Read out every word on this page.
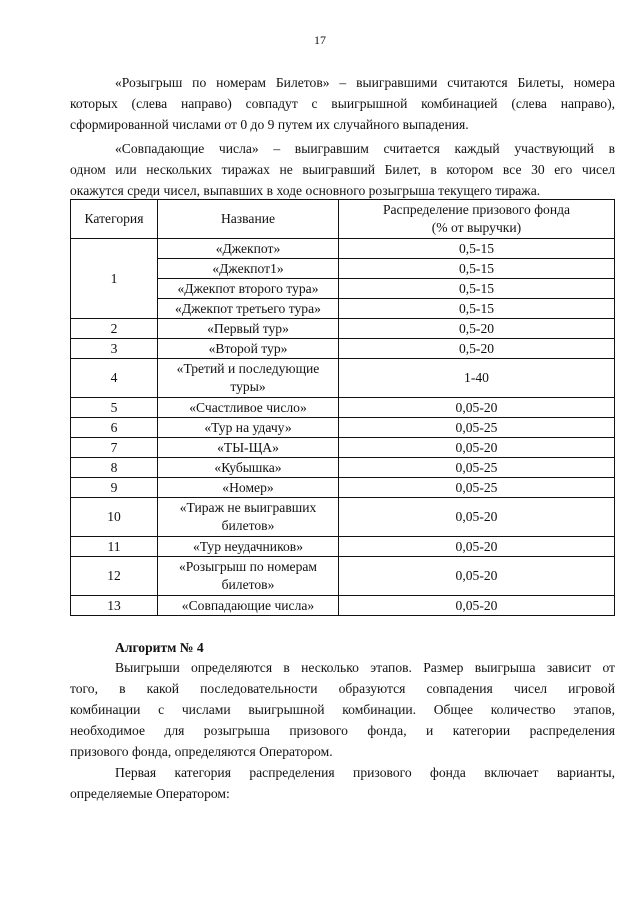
17
«Розыгрыш по номерам Билетов» – выигравшими считаются Билеты, номера
которых (слева направо) совпадут с выигрышной комбинацией (слева направо),
сформированной числами от 0 до 9 путем их случайного выпадения.
«Совпадающие числа» – выигравшим считается каждый участвующий в
одном или нескольких тиражах не выигравший Билет, в котором все 30 его чисел
окажутся среди чисел, выпавших в ходе основного розыгрыша текущего тиража.
Категория	Название	Распределение призового фонда
(% от выручки)
1	«Джекпот»	0,5-15
	«Джекпот1»	0,5-15
	«Джекпот второго тура»	0,5-15
	«Джекпот третьего тура»	0,5-15
2	«Первый тур»	0,5-20
3	«Второй тур»	0,5-20
4	«Третий и последующие
туры»	1-40
5	«Счастливое число»	0,05-20
6	«Тур на удачу»	0,05-25
7	«ТЫ-ЩА»	0,05-20
8	«Кубышка»	0,05-25
9	«Номер»	0,05-25
10	«Тираж не выигравших
билетов»	0,05-20
11	«Тур неудачников»	0,05-20
12	«Розыгрыш по номерам
билетов»	0,05-20
13	«Совпадающие числа»	0,05-20
Алгоритм № 4
Выигрыши определяются в несколько этапов. Размер выигрыша зависит от
того, в какой последовательности образуются совпадения чисел игровой
комбинации с числами выигрышной комбинации. Общее количество этапов,
необходимое для розыгрыша призового фонда, и категории распределения
призового фонда, определяются Оператором.
Первая категория распределения призового фонда включает варианты,
определяемые Оператором:
